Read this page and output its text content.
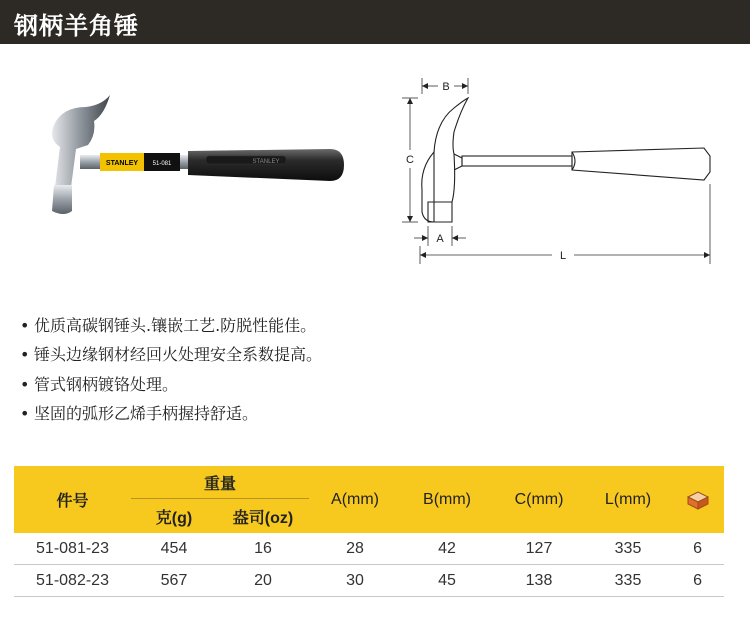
钢柄羊角锤
STANLEY 51-081	STANLEY
B
C
A
L
• 优质高碳钢锤头.镶嵌工艺.防脱性能佳。
• 锤头边缘钢材经回火处理安全系数提高。
• 管式钢柄镀铬处理。
• 坚固的弧形乙烯手柄握持舒适。
件号	重量		A(mm)	B(mm)	C(mm)	L(mm)	
	克(g)	盎司(oz)					
51-081-23	454	16	28	42	127	335	6
51-082-23	567	20	30	45	138	335	6
